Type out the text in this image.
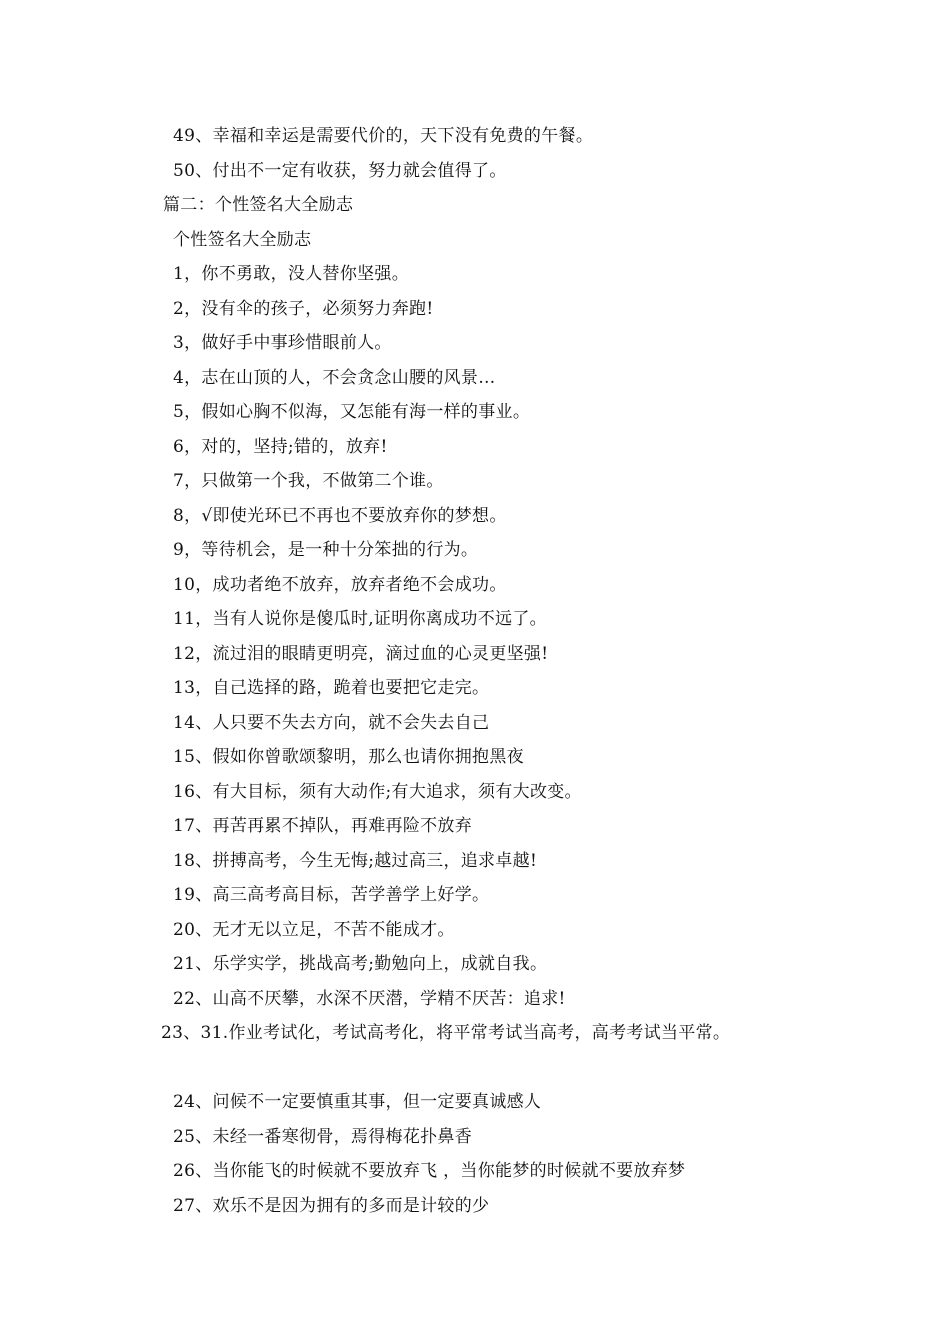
49、幸福和幸运是需要代价的，天下没有免费的午餐。
50、付出不一定有收获，努力就会值得了。
篇二：个性签名大全励志
个性签名大全励志
1，你不勇敢，没人替你坚强。
2，没有伞的孩子，必须努力奔跑!
3，做好手中事珍惜眼前人。
4，志在山顶的人，不会贪念山腰的风景…
5，假如心胸不似海，又怎能有海一样的事业。
6，对的，坚持;错的，放弃!
7，只做第一个我，不做第二个谁。
8，√即使光环已不再也不要放弃你的梦想。
9，等待机会，是一种十分笨拙的行为。
10，成功者绝不放弃，放弃者绝不会成功。
11，当有人说你是傻瓜时,证明你离成功不远了。
12，流过泪的眼睛更明亮，滴过血的心灵更坚强!
13，自己选择的路，跪着也要把它走完。
14、人只要不失去方向，就不会失去自己
15、假如你曾歌颂黎明，那么也请你拥抱黑夜
16、有大目标，须有大动作;有大追求，须有大改变。
17、再苦再累不掉队，再难再险不放弃
18、拼搏高考，今生无悔;越过高三，追求卓越!
19、高三高考高目标，苦学善学上好学。
20、无才无以立足，不苦不能成才。
21、乐学实学，挑战高考;勤勉向上，成就自我。
22、山高不厌攀，水深不厌潜，学精不厌苦：追求!
23、31.作业考试化，考试高考化，将平常考试当高考，高考考试当平常。
24、问候不一定要慎重其事，但一定要真诚感人
25、未经一番寒彻骨，焉得梅花扑鼻香
26、当你能飞的时候就不要放弃飞 ，当你能梦的时候就不要放弃梦
27、欢乐不是因为拥有的多而是计较的少
